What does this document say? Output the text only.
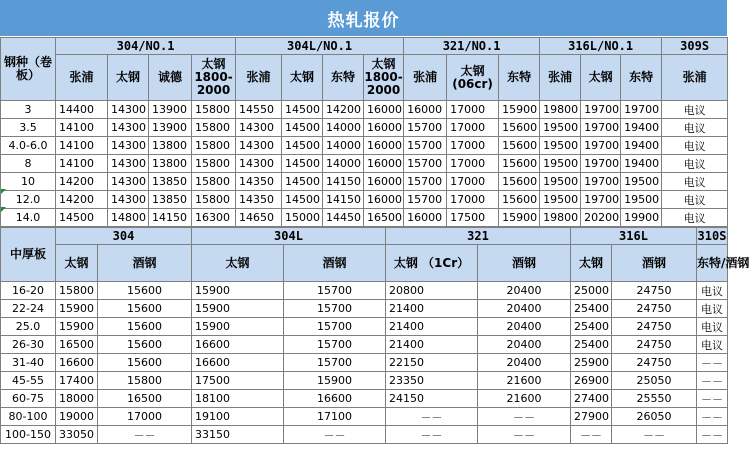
热轧报价
钢种（卷板）	304/NO.1				304L/NO.1				321/NO.1			316L/NO.1			309S
	张浦	太钢	诚德	太钢 1800-2000	张浦	太钢	东特	太钢 1800-2000	张浦	太钢 (06cr)	东特	张浦	太钢	东特	张浦
3	14400	14300	13900	15800	14550	14500	14200	16000	16000	17000	15900	19800	19700	19700	电议
3.5	14100	14300	13900	15800	14300	14500	14000	16000	15700	17000	15600	19500	19700	19400	电议
4.0-6.0	14100	14300	13800	15800	14300	14500	14000	16000	15700	17000	15600	19500	19700	19400	电议
8	14100	14300	13800	15800	14300	14500	14000	16000	15700	17000	15600	19500	19700	19400	电议
10	14200	14300	13850	15800	14350	14500	14150	16000	15700	17000	15600	19500	19700	19500	电议
12.0	14200	14300	13850	15800	14350	14500	14150	16000	15700	17000	15600	19500	19700	19500	电议
14.0	14500	14800	14150	16300	14650	15000	14450	16500	16000	17500	15900	19800	20200	19900	电议
中厚板	304		304L		321		316L		310S
	太钢	酒钢	太钢	酒钢	太钢 （1Cr）	酒钢	太钢	酒钢	东特/酒钢
16-20	15800	15600	15900	15700	20800	20400	25000	24750	电议
22-24	15900	15600	15900	15700	21400	20400	25400	24750	电议
25.0	15900	15600	15900	15700	21400	20400	25400	24750	电议
26-30	16500	15600	16600	15700	21400	20400	25400	24750	电议
31-40	16600	15600	16600	15700	22150	20400	25900	24750	－－
45-55	17400	15800	17500	15900	23350	21600	26900	25050	－－
60-75	18000	16500	18100	16600	24150	21600	27400	25550	－－
80-100	19000	17000	19100	17100	－－	－－	27900	26050	－－
100-150	33050	－－	33150	－－	－－	－－	－－	－－	－－
